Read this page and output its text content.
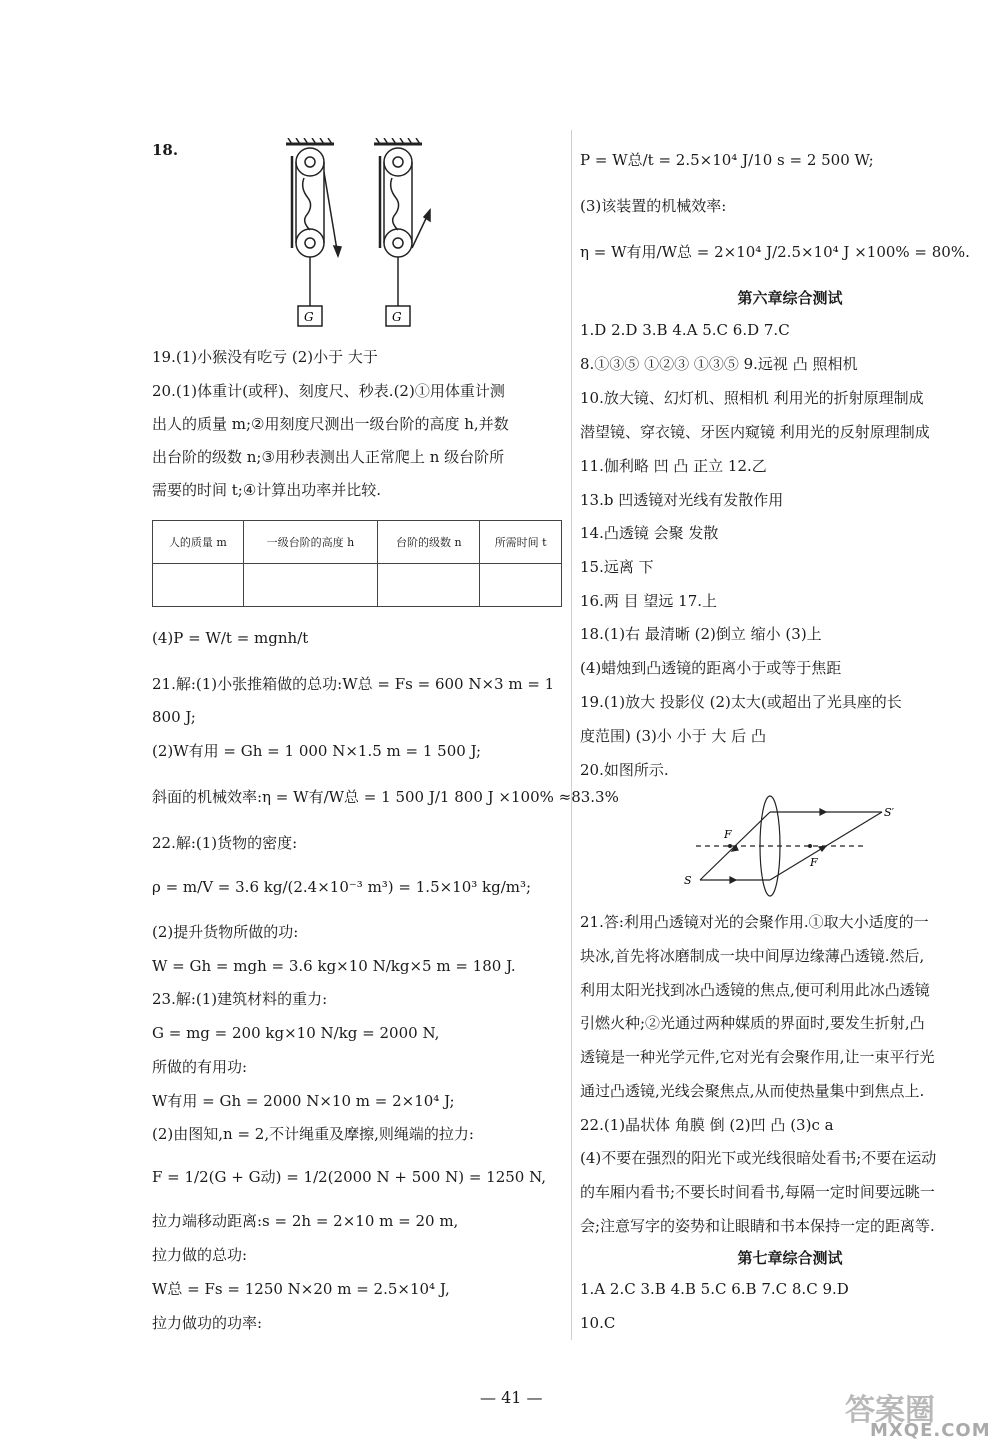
18.
G	G
19.(1)小猴没有吃亏 (2)小于 大于
20.(1)体重计(或秤)、刻度尺、秒表.(2)①用体重计测
出人的质量 m;②用刻度尺测出一级台阶的高度 h,并数
出台阶的级数 n;③用秒表测出人正常爬上 n 级台阶所
需要的时间 t;④计算出功率并比较.
人的质量 m	一级台阶的高度 h	台阶的级数 n	所需时间 t

(4)P = W/t = mgnh/t
21.解:(1)小张推箱做的总功:W总 = Fs = 600 N×3 m = 1
800 J;
(2)W有用 = Gh = 1 000 N×1.5 m = 1 500 J;
斜面的机械效率:η = W有/W总 = 1 500 J/1 800 J ×100% ≈83.3%
22.解:(1)货物的密度:
ρ = m/V = 3.6 kg/(2.4×10⁻³ m³) = 1.5×10³ kg/m³;
(2)提升货物所做的功:
W = Gh = mgh = 3.6 kg×10 N/kg×5 m = 180 J.
23.解:(1)建筑材料的重力:
G = mg = 200 kg×10 N/kg = 2000 N,
所做的有用功:
W有用 = Gh = 2000 N×10 m = 2×10⁴ J;
(2)由图知,n = 2,不计绳重及摩擦,则绳端的拉力:
F = 1/2(G + G动) = 1/2(2000 N + 500 N) = 1250 N,
拉力端移动距离:s = 2h = 2×10 m = 20 m,
拉力做的总功:
W总 = Fs = 1250 N×20 m = 2.5×10⁴ J,
拉力做功的功率:
P = W总/t = 2.5×10⁴ J/10 s = 2 500 W;
(3)该装置的机械效率:
η = W有用/W总 = 2×10⁴ J/2.5×10⁴ J ×100% = 80%.
第六章综合测试
1.D 2.D 3.B 4.A 5.C 6.D 7.C
8.①③⑤ ①②③ ①③⑤ 9.远视 凸 照相机
10.放大镜、幻灯机、照相机 利用光的折射原理制成
潜望镜、穿衣镜、牙医内窥镜 利用光的反射原理制成
11.伽利略 凹 凸 正立 12.乙
13.b 凹透镜对光线有发散作用
14.凸透镜 会聚 发散
15.远离 下
16.两 目 望远 17.上
18.(1)右 最清晰 (2)倒立 缩小 (3)上
(4)蜡烛到凸透镜的距离小于或等于焦距
19.(1)放大 投影仪 (2)太大(或超出了光具座的长
度范围) (3)小 小于 大 后 凸
20.如图所示.
F
F
S
S′
21.答:利用凸透镜对光的会聚作用.①取大小适度的一
块冰,首先将冰磨制成一块中间厚边缘薄凸透镜.然后,
利用太阳光找到冰凸透镜的焦点,便可利用此冰凸透镜
引燃火种;②光通过两种媒质的界面时,要发生折射,凸
透镜是一种光学元件,它对光有会聚作用,让一束平行光
通过凸透镜,光线会聚焦点,从而使热量集中到焦点上.
22.(1)晶状体 角膜 倒 (2)凹 凸 (3)c a
(4)不要在强烈的阳光下或光线很暗处看书;不要在运动
的车厢内看书;不要长时间看书,每隔一定时间要远眺一
会;注意写字的姿势和让眼睛和书本保持一定的距离等.
第七章综合测试
1.A 2.C 3.B 4.B 5.C 6.B 7.C 8.C 9.D
10.C
— 41 —	答案圈
MXQE.COM
